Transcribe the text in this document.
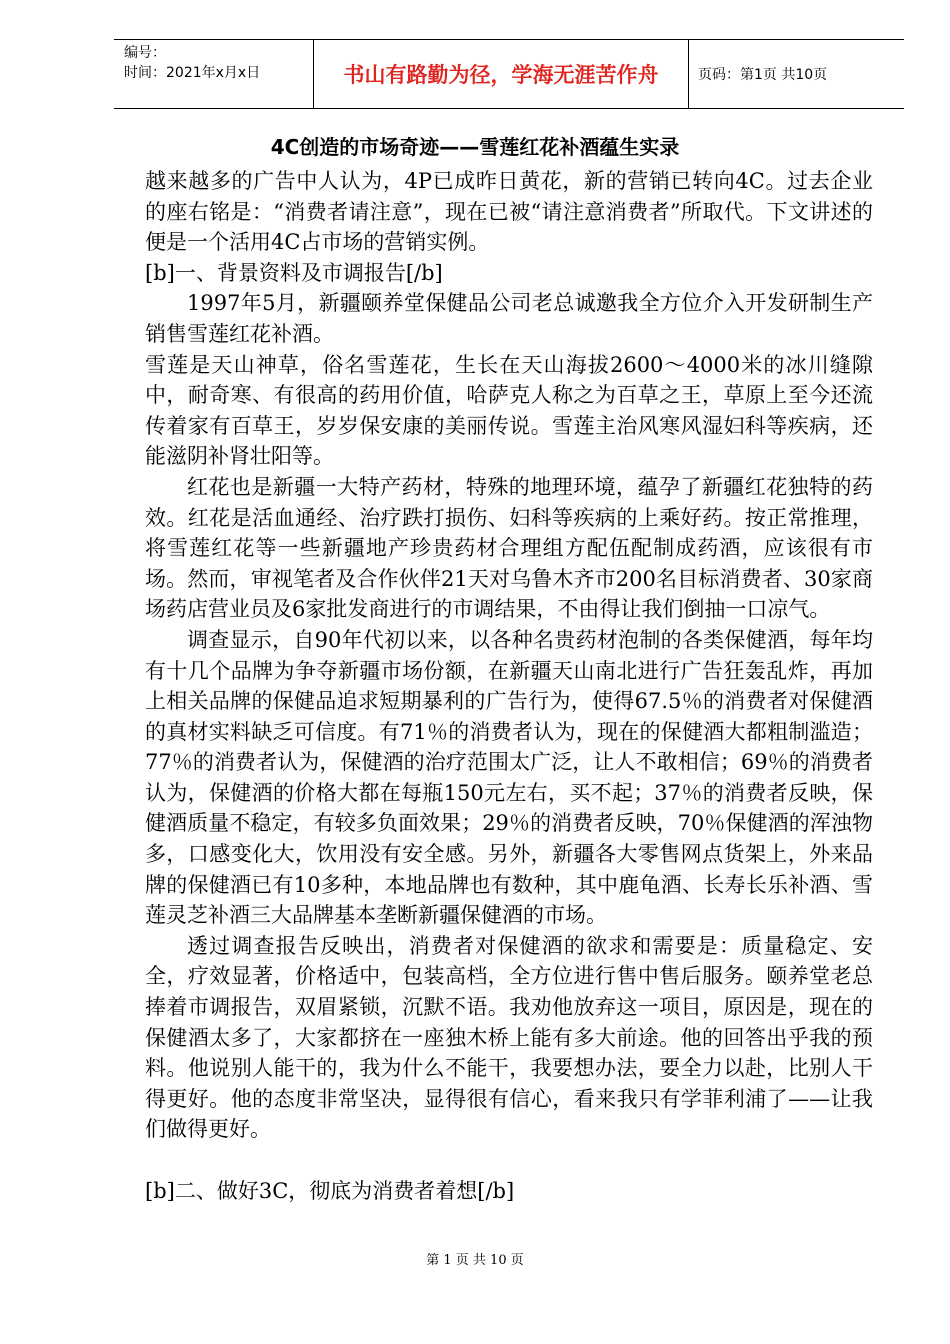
编号：
时间：2021年x月x日	书山有路勤为径，学海无涯苦作舟	页码：第1页 共10页
4C创造的市场奇迹——雪莲红花补酒蕴生实录

越来越多的广告中人认为，4P已成昨日黄花，新的营销已转向4C。过去企业的座右铭是：“消费者请注意”，现在已被“请注意消费者”所取代。下文讲述的便是一个活用4C占市场的营销实例。

[b]一、背景资料及市调报告[/b]

1997年5月，新疆颐养堂保健品公司老总诚邀我全方位介入开发研制生产销售雪莲红花补酒。

雪莲是天山神草，俗名雪莲花，生长在天山海拔2600～4000米的冰川缝隙中，耐奇寒、有很高的药用价值，哈萨克人称之为百草之王，草原上至今还流传着家有百草王，岁岁保安康的美丽传说。雪莲主治风寒风湿妇科等疾病，还能滋阴补肾壮阳等。

红花也是新疆一大特产药材，特殊的地理环境，蕴孕了新疆红花独特的药效。红花是活血通经、治疗跌打损伤、妇科等疾病的上乘好药。按正常推理，将雪莲红花等一些新疆地产珍贵药材合理组方配伍配制成药酒，应该很有市场。然而，审视笔者及合作伙伴21天对乌鲁木齐市200名目标消费者、30家商场药店营业员及6家批发商进行的市调结果，不由得让我们倒抽一口凉气。

调查显示，自90年代初以来，以各种名贵药材泡制的各类保健酒，每年均有十几个品牌为争夺新疆市场份额，在新疆天山南北进行广告狂轰乱炸，再加上相关品牌的保健品追求短期暴利的广告行为，使得67.5％的消费者对保健酒的真材实料缺乏可信度。有71％的消费者认为，现在的保健酒大都粗制滥造；77％的消费者认为，保健酒的治疗范围太广泛，让人不敢相信；69％的消费者认为，保健酒的价格大都在每瓶150元左右，买不起；37％的消费者反映，保健酒质量不稳定，有较多负面效果；29％的消费者反映，70％保健酒的浑浊物多，口感变化大，饮用没有安全感。另外，新疆各大零售网点货架上，外来品牌的保健酒已有10多种，本地品牌也有数种，其中鹿龟酒、长寿长乐补酒、雪莲灵芝补酒三大品牌基本垄断新疆保健酒的市场。

透过调查报告反映出，消费者对保健酒的欲求和需要是：质量稳定、安全，疗效显著，价格适中，包装高档，全方位进行售中售后服务。颐养堂老总捧着市调报告，双眉紧锁，沉默不语。我劝他放弃这一项目，原因是，现在的保健酒太多了，大家都挤在一座独木桥上能有多大前途。他的回答出乎我的预料。他说别人能干的，我为什么不能干，我要想办法，要全力以赴，比别人干得更好。他的态度非常坚决，显得很有信心，看来我只有学菲利浦了——让我们做得更好。

[b]二、做好3C，彻底为消费者着想[/b]

第 1 页 共 10 页
